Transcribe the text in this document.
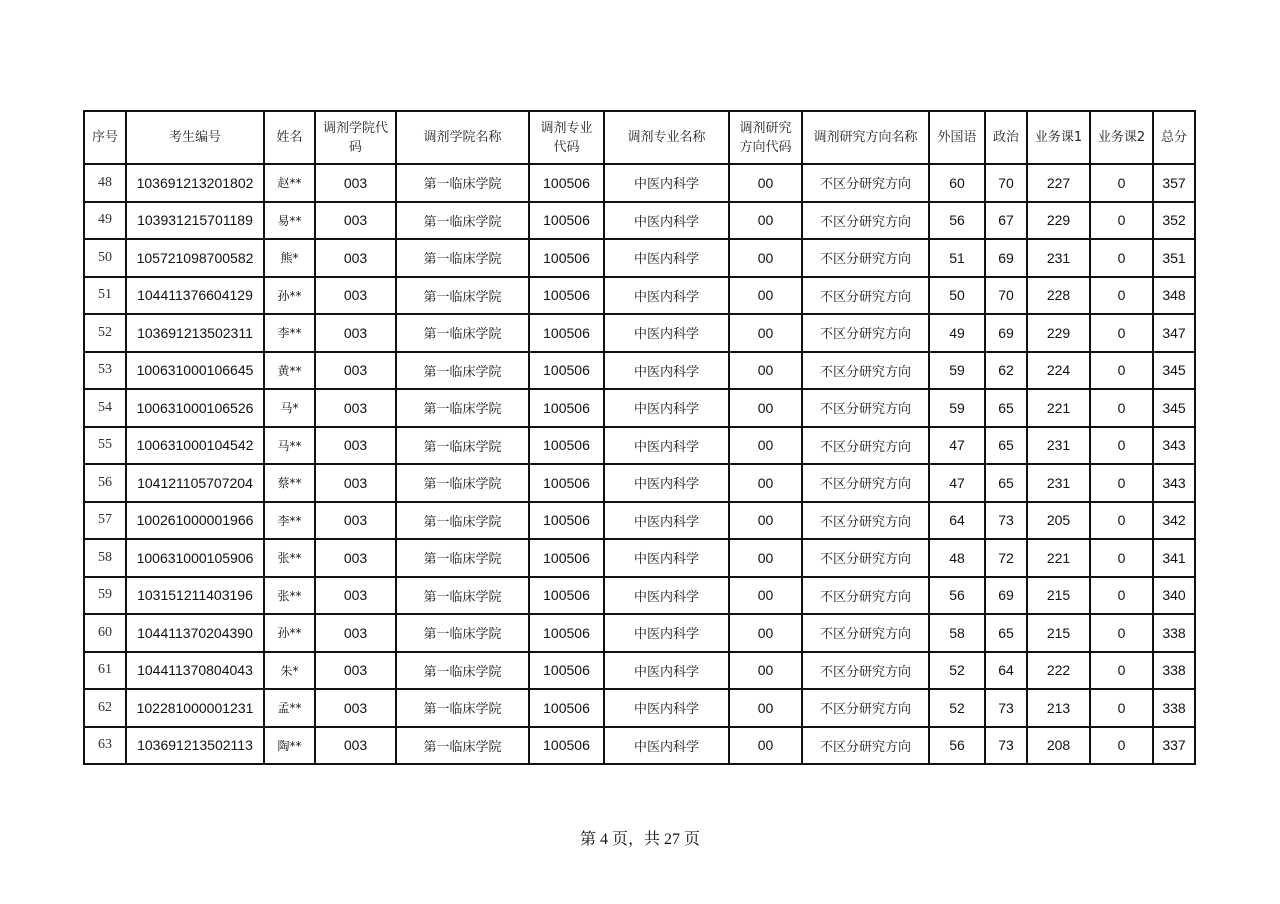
序号	考生编号	姓名	调剂学院代码	调剂学院名称	调剂专业代码	调剂专业名称	调剂研究方向代码	调剂研究方向名称	外国语	政治	业务课1	业务课2	总分
48	103691213201802	赵**	003	第一临床学院	100506	中医内科学	00	不区分研究方向	60	70	227	0	357
49	103931215701189	易**	003	第一临床学院	100506	中医内科学	00	不区分研究方向	56	67	229	0	352
50	105721098700582	熊*	003	第一临床学院	100506	中医内科学	00	不区分研究方向	51	69	231	0	351
51	104411376604129	孙**	003	第一临床学院	100506	中医内科学	00	不区分研究方向	50	70	228	0	348
52	103691213502311	李**	003	第一临床学院	100506	中医内科学	00	不区分研究方向	49	69	229	0	347
53	100631000106645	黄**	003	第一临床学院	100506	中医内科学	00	不区分研究方向	59	62	224	0	345
54	100631000106526	马*	003	第一临床学院	100506	中医内科学	00	不区分研究方向	59	65	221	0	345
55	100631000104542	马**	003	第一临床学院	100506	中医内科学	00	不区分研究方向	47	65	231	0	343
56	104121105707204	蔡**	003	第一临床学院	100506	中医内科学	00	不区分研究方向	47	65	231	0	343
57	100261000001966	李**	003	第一临床学院	100506	中医内科学	00	不区分研究方向	64	73	205	0	342
58	100631000105906	张**	003	第一临床学院	100506	中医内科学	00	不区分研究方向	48	72	221	0	341
59	103151211403196	张**	003	第一临床学院	100506	中医内科学	00	不区分研究方向	56	69	215	0	340
60	104411370204390	孙**	003	第一临床学院	100506	中医内科学	00	不区分研究方向	58	65	215	0	338
61	104411370804043	朱*	003	第一临床学院	100506	中医内科学	00	不区分研究方向	52	64	222	0	338
62	102281000001231	孟**	003	第一临床学院	100506	中医内科学	00	不区分研究方向	52	73	213	0	338
63	103691213502113	陶**	003	第一临床学院	100506	中医内科学	00	不区分研究方向	56	73	208	0	337
第 4 页，共 27 页
